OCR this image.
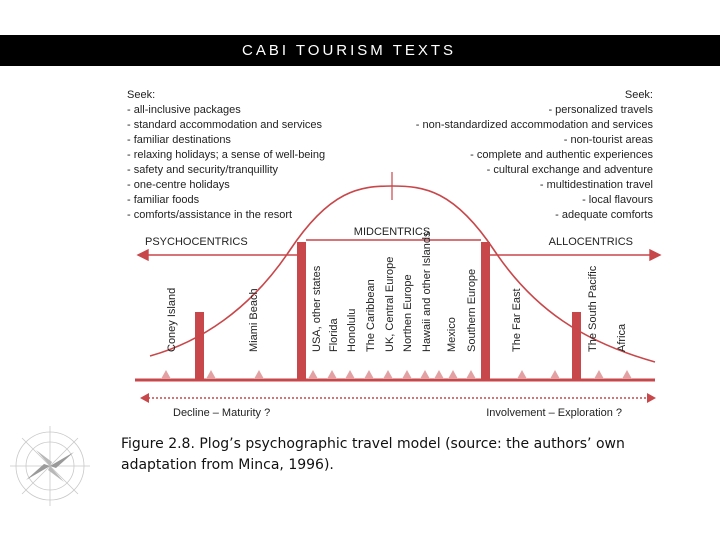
CABI TOURISM TEXTS
Seek:
- all-inclusive packages
- standard accommodation and services
- familiar destinations
- relaxing holidays; a sense of well-being
- safety and security/tranquillity
- one-centre holidays
- familiar foods
- comforts/assistance in the resort
Seek:
- personalized travels
- non-standardized accommodation and services
- non-tourist areas
- complete and authentic experiences
- cultural exchange and adventure
- multidestination travel
- local flavours
- adequate comforts
PSYCHOCENTRICS
MIDCENTRICS
ALLOCENTRICS
Coney Island	Miami Beach	USA, other states Florida Honolulu The Caribbean UK, Central Europe Northen Europe Hawaii and other Islands Mexico Southern Europe	The Far East	The South Pacific Africa
Decline – Maturity ?	Involvement – Exploration ?
Figure 2.8. Plog’s psychographic travel model (source: the authors’ own adaptation from Minca, 1996).
